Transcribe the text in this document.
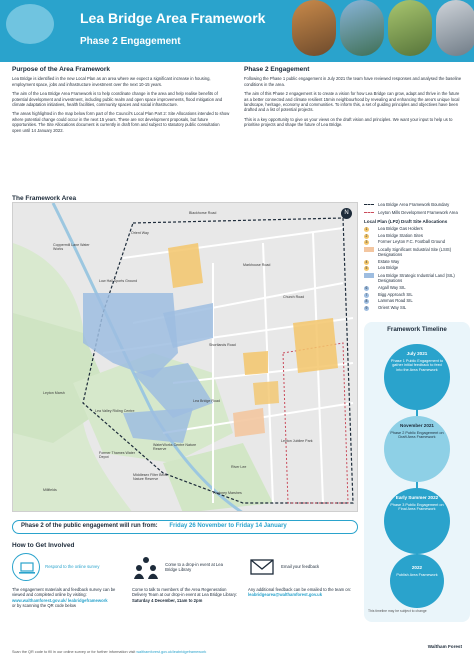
Lea Bridge Area Framework
Phase 2 Engagement
Purpose of the Area Framework

Lea Bridge is identified in the new Local Plan as an area where we expect a significant increase in housing, employment space, jobs and infrastructure investment over the next 10-15 years.

The aim of the Lea Bridge Area Framework is to help coordinate change in the area and help realise benefits of potential development and investment, including public realm and open space improvements, flood mitigation and climate adaptation initiatives, health facilities, community spaces and social infrastructure.

The areas highlighted in the map below form part of the Council's Local Plan Part 2: Site Allocations intended to show where potential change could occur in the next 15 years. These are not development proposals, but future opportunities. The Site Allocations document is currently in draft form and subject to statutory public consultation open until 14 January 2022.

Phase 2 Engagement

Following the Phase 1 public engagement in July 2021 the team have reviewed responses and analysed the baseline conditions in the area.

The aim of this Phase 2 engagement is to create a vision for how Lea Bridge can grow, adapt and thrive in the future as a better connected and climate resilient 15min neighbourhood by revealing and enhancing the area's unique local landscape, heritage, economy and communities. To inform this, a set of guiding principles and objectives have been drafted and a list of potential projects.

This is a key opportunity to give us your views on the draft vision and principles. We want your input to help us to prioritise projects and shape the future of Lea Bridge.

The Framework Area
N
Coppermill Lane Water Works
Low Hall Sports Ground
Orient Way
Leyton Marsh
Lea Valley Riding Centre
WaterWorks Centre Nature Reserve
Former Thames Water Depot
Middlesex Filter Beds Nature Reserve
Millfields
Hackney Marshes
Leyton Jubilee Park
Lea Bridge Road
Blackhorse Road
Church Road
River Lee
Markhouse Road
Shortlands Road
Lea Bridge Area Framework Boundary
Leyton Mills Development Framework Area
Local Plan (LP2) Draft Site Allocations
1	Lea Bridge Gas Holders
2	Lea Bridge Station Sites
3	Former Leyton F.C. Football Ground
Locally Significant Industrial Site (LSIS) Designations
4	Estate Way
5	Lea Bridge
Lea Bridge Strategic Industrial Land (SIL) Designations
6	Argall Way SIL
7	Bigg Approach SIL
8	Lammas Road SIL
9	Orient Way SIL
Framework Timeline
July 2021
Phase 1 Public Engagement to gather initial feedback to feed into the Area Framework
November 2021
Phase 2 Public Engagement on Draft Area Framework
Early Summer 2022
Phase 3 Public Engagement on Final Area Framework
2022
Publish Area Framework
This timeline may be subject to change
Phase 2 of the public engagement will run from: Friday 26 November to Friday 14 January
How to Get Involved
Respond to the online survey
The engagement materials and feedback survey can be viewed and completed online by visiting:
www.walthamforest.gov.uk/ leabridgeframework
or by scanning the QR code below
Come to a drop-in event at Lea Bridge Library
Come to talk to members of the Area Regeneration Delivery Team at our drop-in event at Lea Bridge Library:
Saturday 4 December, 11am to 2pm
Email your feedback
Any additional feedback can be emailed to the team on:
leabridgearea@walthamforest.gov.uk
Scan the QR code to fill in our online survey or for further information visit walthamforest.gov.uk/leabridgeframework
Waltham Forest
